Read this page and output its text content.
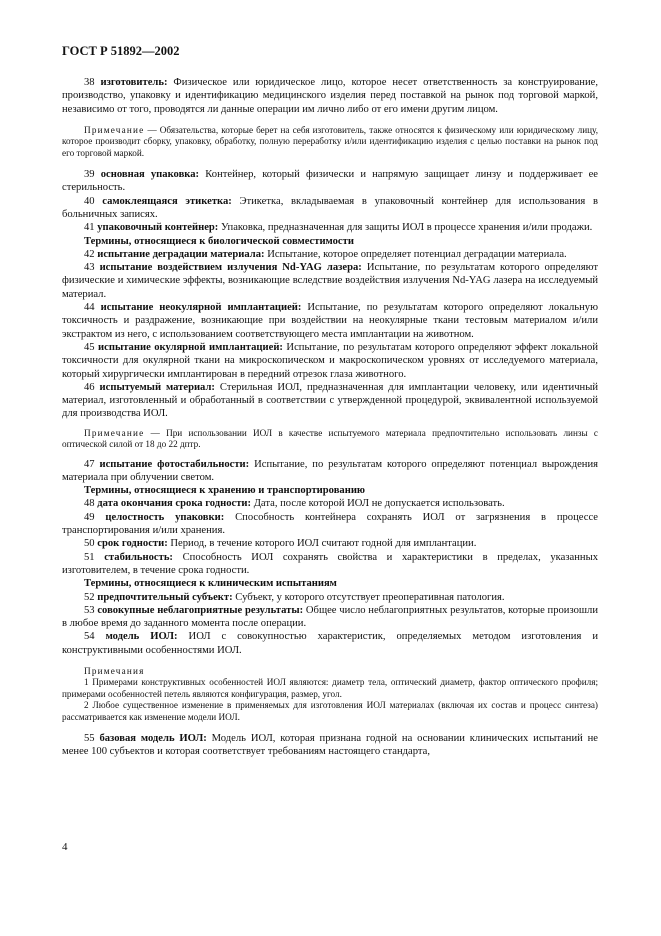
ГОСТ Р 51892—2002

38 изготовитель: Физическое или юридическое лицо, которое несет ответственность за конструирование, производство, упаковку и идентификацию медицинского изделия перед поставкой на рынок под торговой маркой, независимо от того, проводятся ли данные операции им лично либо от его имени другим лицом.

Примечание — Обязательства, которые берет на себя изготовитель, также относятся к физическому или юридическому лицу, которое производит сборку, упаковку, обработку, полную переработку и/или идентификацию изделия с целью поставки на рынок под его торговой маркой.

39 основная упаковка: Контейнер, который физически и напрямую защищает линзу и поддерживает ее стерильность.

40 самоклеящаяся этикетка: Этикетка, вкладываемая в упаковочный контейнер для использования в больничных записях.

41 упаковочный контейнер: Упаковка, предназначенная для защиты ИОЛ в процессе хранения и/или продажи.

Термины, относящиеся к биологической совместимости

42 испытание деградации материала: Испытание, которое определяет потенциал деградации материала.

43 испытание воздействием излучения Nd-YAG лазера: Испытание, по результатам которого определяют физические и химические эффекты, возникающие вследствие воздействия излучения Nd-YAG лазера на исследуемый материал.

44 испытание неокулярной имплантацией: Испытание, по результатам которого определяют локальную токсичность и раздражение, возникающие при воздействии на неокулярные ткани тестовым материалом и/или экстрактом из него, с использованием соответствующего места имплантации на животном.

45 испытание окулярной имплантацией: Испытание, по результатам которого определяют эффект локальной токсичности для окулярной ткани на микроскопическом и макроскопическом уровнях от исследуемого материала, который хирургически имплантирован в передний отрезок глаза животного.

46 испытуемый материал: Стерильная ИОЛ, предназначенная для имплантации человеку, или идентичный материал, изготовленный и обработанный в соответствии с утвержденной процедурой, эквивалентной используемой для производства ИОЛ.

Примечание — При использовании ИОЛ в качестве испытуемого материала предпочтительно использовать линзы с оптической силой от 18 до 22 дптр.

47 испытание фотостабильности: Испытание, по результатам которого определяют потенциал вырождения материала при облучении светом.

Термины, относящиеся к хранению и транспортированию

48 дата окончания срока годности: Дата, после которой ИОЛ не допускается использовать.

49 целостность упаковки: Способность контейнера сохранять ИОЛ от загрязнения в процессе транспортирования и/или хранения.

50 срок годности: Период, в течение которого ИОЛ считают годной для имплантации.

51 стабильность: Способность ИОЛ сохранять свойства и характеристики в пределах, указанных изготовителем, в течение срока годности.

Термины, относящиеся к клиническим испытаниям

52 предпочтительный субъект: Субъект, у которого отсутствует преоперативная патология.

53 совокупные неблагоприятные результаты: Общее число неблагоприятных результатов, которые произошли в любое время до заданного момента после операции.

54 модель ИОЛ: ИОЛ с совокупностью характеристик, определяемых методом изготовления и конструктивными особенностями ИОЛ.

Примечания

1 Примерами конструктивных особенностей ИОЛ являются: диаметр тела, оптический диаметр, фактор оптического профиля; примерами особенностей петель являются конфигурация, размер, угол.

2 Любое существенное изменение в применяемых для изготовления ИОЛ материалах (включая их состав и процесс синтеза) рассматривается как изменение модели ИОЛ.

55 базовая модель ИОЛ: Модель ИОЛ, которая признана годной на основании клинических испытаний не менее 100 субъектов и которая соответствует требованиям настоящего стандарта,

4
